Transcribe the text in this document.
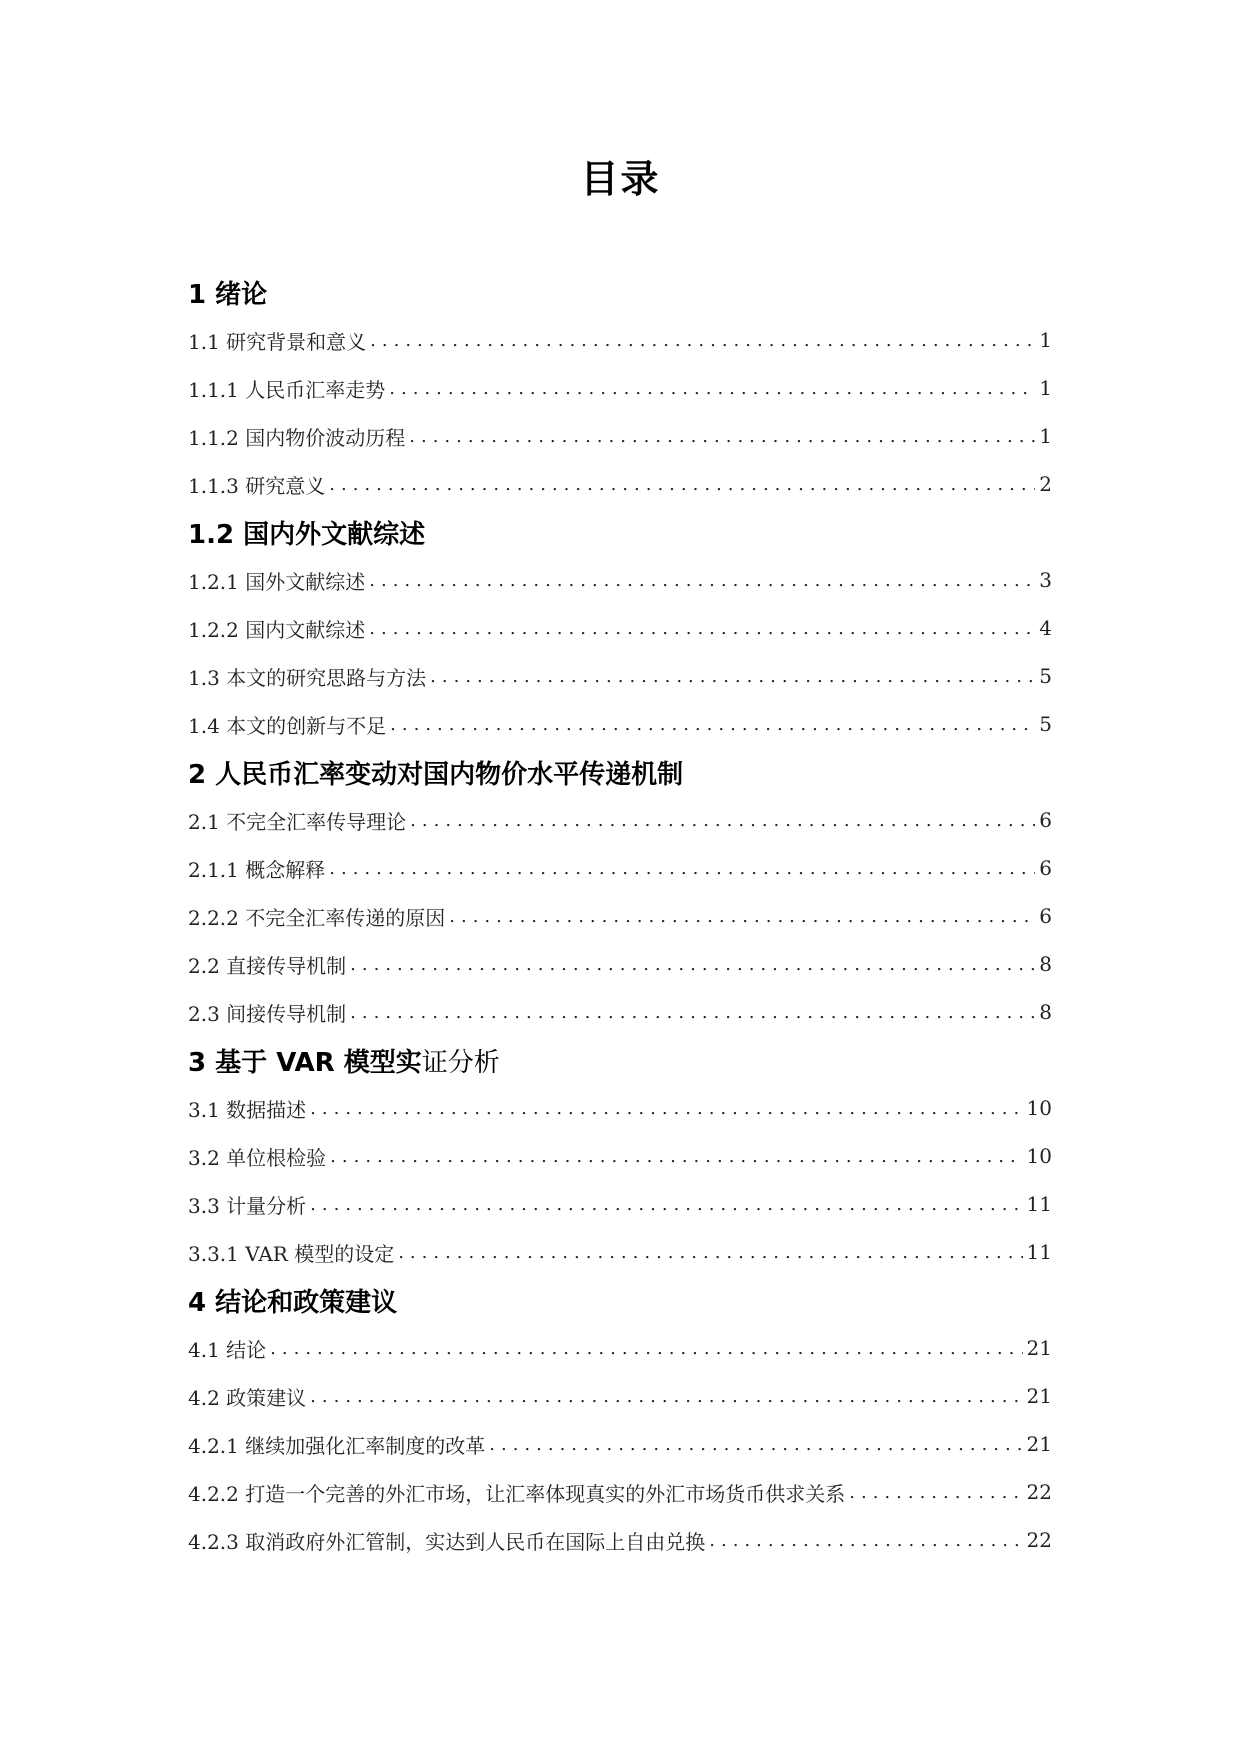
目录
1 绪论
1.1 研究背景和意义 .....	1
1.1.1 人民币汇率走势 .....	1
1.1.2 国内物价波动历程 .....	1
1.1.3 研究意义 .....	2
1.2 国内外文献综述
1.2.1 国外文献综述 .....	3
1.2.2 国内文献综述 .....	4
1.3 本文的研究思路与方法 .....	5
1.4 本文的创新与不足 .....	5
2 人民币汇率变动对国内物价水平传递机制
2.1 不完全汇率传导理论 .....	6
2.1.1 概念解释 .....	6
2.2.2 不完全汇率传递的原因 .....	6
2.2 直接传导机制 .....	8
2.3 间接传导机制 .....	8
3 基于 VAR 模型实 证分析
3.1 数据描述 .....	10
3.2 单位根检验 .....	10
3.3 计量分析 .....	11
3.3.1 VAR 模型的设定 .....	11
4 结论和政策建议
4.1 结论 .....	21
4.2 政策建议 .....	21
4.2.1 继续加强化汇率制度的改革 .....	21
4.2.2 打造一个完善的外汇市场，让汇率体现真实的外汇市场货币供求关系 .....	22
4.2.3 取消政府外汇管制，实达到人民币在国际上自由兑换 .....	22
